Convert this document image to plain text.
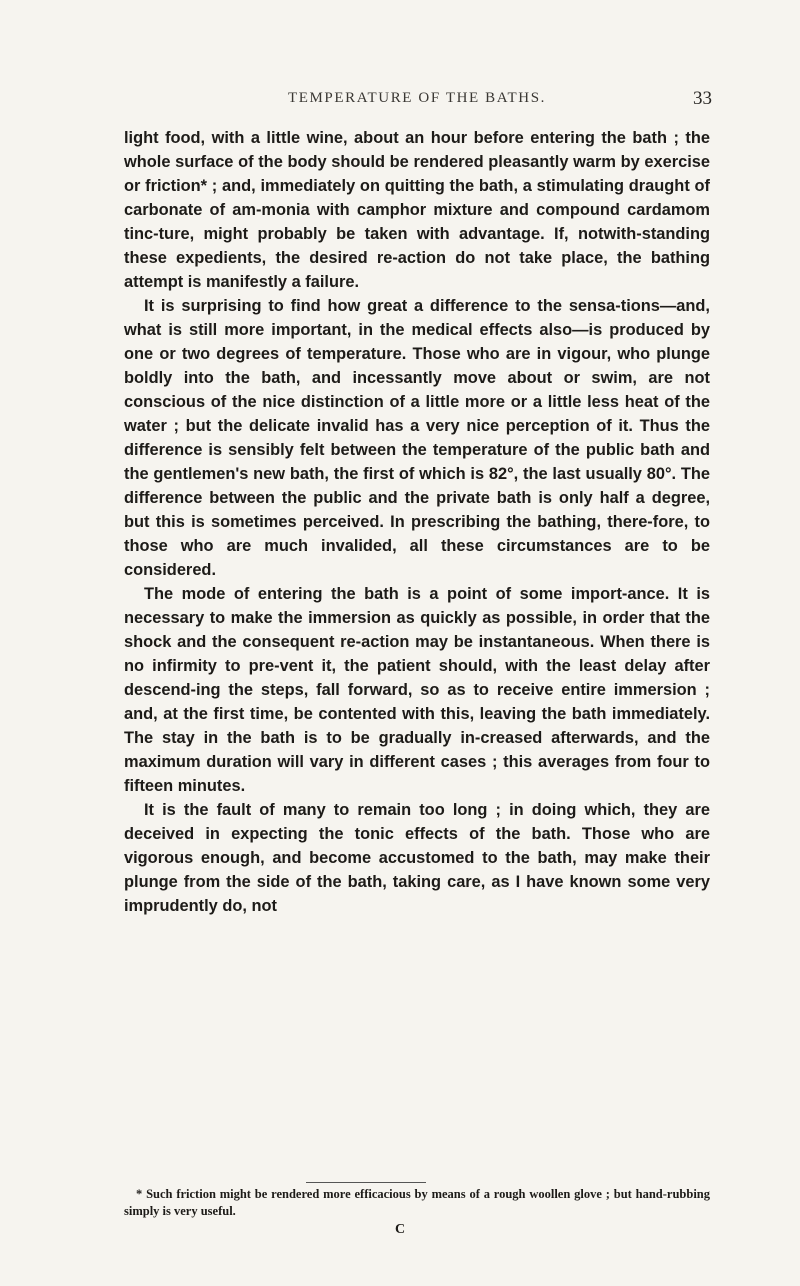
TEMPERATURE OF THE BATHS.	33

light food, with a little wine, about an hour before entering the bath ; the whole surface of the body should be rendered pleasantly warm by exercise or friction* ; and, immediately on quitting the bath, a stimulating draught of carbonate of am-monia with camphor mixture and compound cardamom tinc-ture, might probably be taken with advantage. If, notwith-standing these expedients, the desired re-action do not take place, the bathing attempt is manifestly a failure.

It is surprising to find how great a difference to the sensa-tions—and, what is still more important, in the medical effects also—is produced by one or two degrees of temperature. Those who are in vigour, who plunge boldly into the bath, and incessantly move about or swim, are not conscious of the nice distinction of a little more or a little less heat of the water ; but the delicate invalid has a very nice perception of it. Thus the difference is sensibly felt between the temperature of the public bath and the gentlemen's new bath, the first of which is 82°, the last usually 80°. The difference between the public and the private bath is only half a degree, but this is sometimes perceived. In prescribing the bathing, there-fore, to those who are much invalided, all these circumstances are to be considered.

The mode of entering the bath is a point of some import-ance. It is necessary to make the immersion as quickly as possible, in order that the shock and the consequent re-action may be instantaneous. When there is no infirmity to pre-vent it, the patient should, with the least delay after descend-ing the steps, fall forward, so as to receive entire immersion ; and, at the first time, be contented with this, leaving the bath immediately. The stay in the bath is to be gradually in-creased afterwards, and the maximum duration will vary in different cases ; this averages from four to fifteen minutes.

It is the fault of many to remain too long ; in doing which, they are deceived in expecting the tonic effects of the bath. Those who are vigorous enough, and become accustomed to the bath, may make their plunge from the side of the bath, taking care, as I have known some very imprudently do, not

* Such friction might be rendered more efficacious by means of a rough woollen glove ; but hand-rubbing simply is very useful.
C
